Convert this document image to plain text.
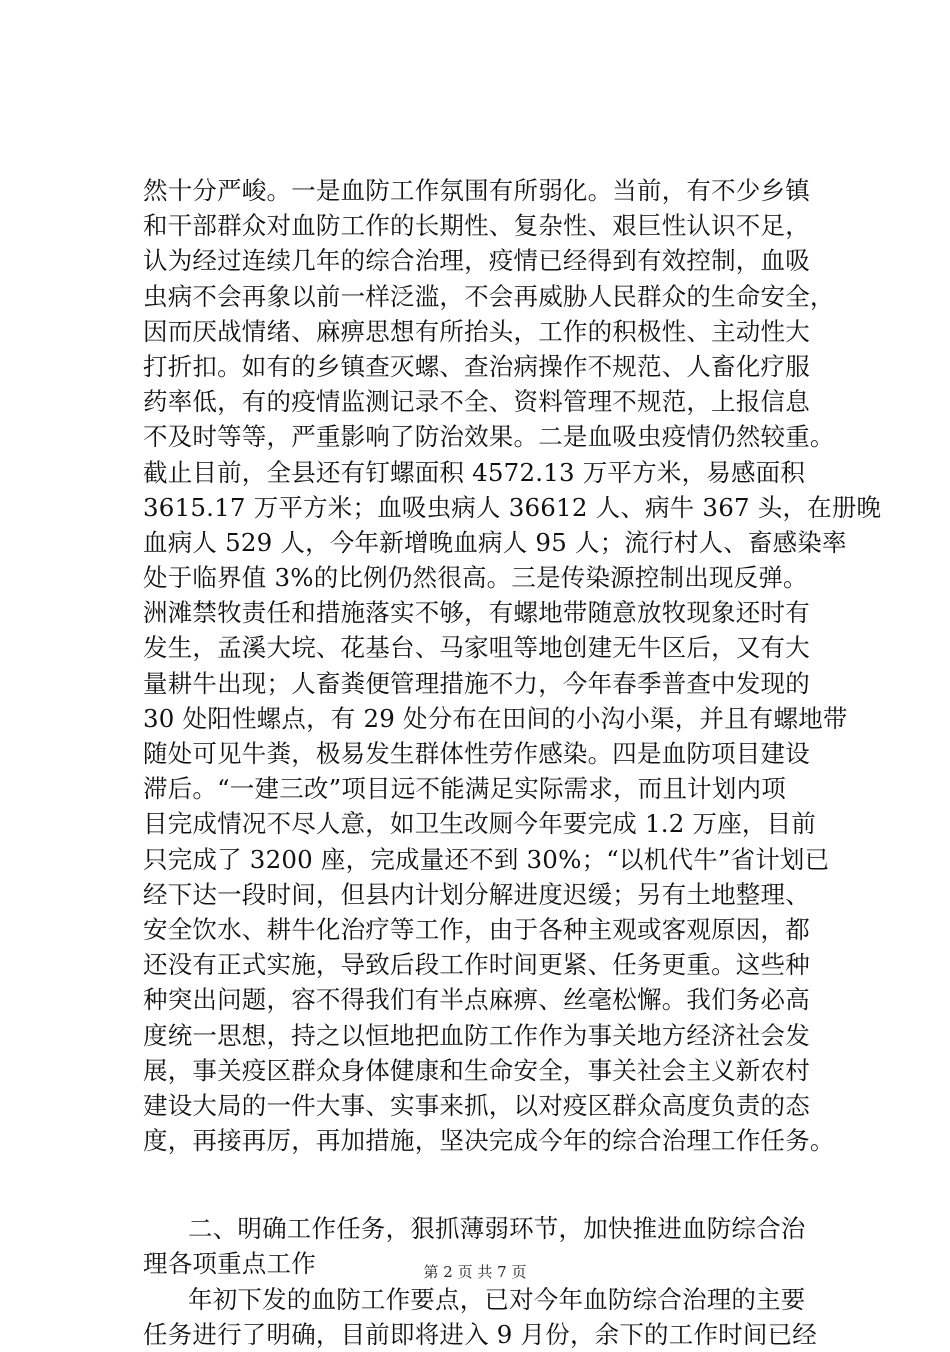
然十分严峻。一是血防工作氛围有所弱化。当前，有不少乡镇
和干部群众对血防工作的长期性、复杂性、艰巨性认识不足，
认为经过连续几年的综合治理，疫情已经得到有效控制，血吸
虫病不会再象以前一样泛滥，不会再威胁人民群众的生命安全，
因而厌战情绪、麻痹思想有所抬头，工作的积极性、主动性大
打折扣。如有的乡镇查灭螺、查治病操作不规范、人畜化疗服
药率低，有的疫情监测记录不全、资料管理不规范，上报信息
不及时等等，严重影响了防治效果。二是血吸虫疫情仍然较重。
截止目前，全县还有钉螺面积 4572.13 万平方米，易感面积
3615.17 万平方米；血吸虫病人 36612 人、病牛 367 头，在册晚
血病人 529 人，今年新增晚血病人 95 人；流行村人、畜感染率
处于临界值 3%的比例仍然很高。三是传染源控制出现反弹。
洲滩禁牧责任和措施落实不够，有螺地带随意放牧现象还时有
发生，孟溪大垸、花基台、马家咀等地创建无牛区后，又有大
量耕牛出现；人畜粪便管理措施不力，今年春季普查中发现的
30 处阳性螺点，有 29 处分布在田间的小沟小渠，并且有螺地带
随处可见牛粪，极易发生群体性劳作感染。四是血防项目建设
滞后。“一建三改”项目远不能满足实际需求，而且计划内项
目完成情况不尽人意，如卫生改厕今年要完成 1.2 万座，目前
只完成了 3200 座，完成量还不到 30%；“以机代牛”省计划已
经下达一段时间，但县内计划分解进度迟缓；另有土地整理、
安全饮水、耕牛化治疗等工作，由于各种主观或客观原因，都
还没有正式实施，导致后段工作时间更紧、任务更重。这些种
种突出问题，容不得我们有半点麻痹、丝毫松懈。我们务必高
度统一思想，持之以恒地把血防工作作为事关地方经济社会发
展，事关疫区群众身体健康和生命安全，事关社会主义新农村
建设大局的一件大事、实事来抓，以对疫区群众高度负责的态
度，再接再厉，再加措施，坚决完成今年的综合治理工作任务。
二、明确工作任务，狠抓薄弱环节，加快推进血防综合治
理各项重点工作
年初下发的血防工作要点，已对今年血防综合治理的主要
任务进行了明确，目前即将进入 9 月份，余下的工作时间已经
第 2 页 共 7 页
